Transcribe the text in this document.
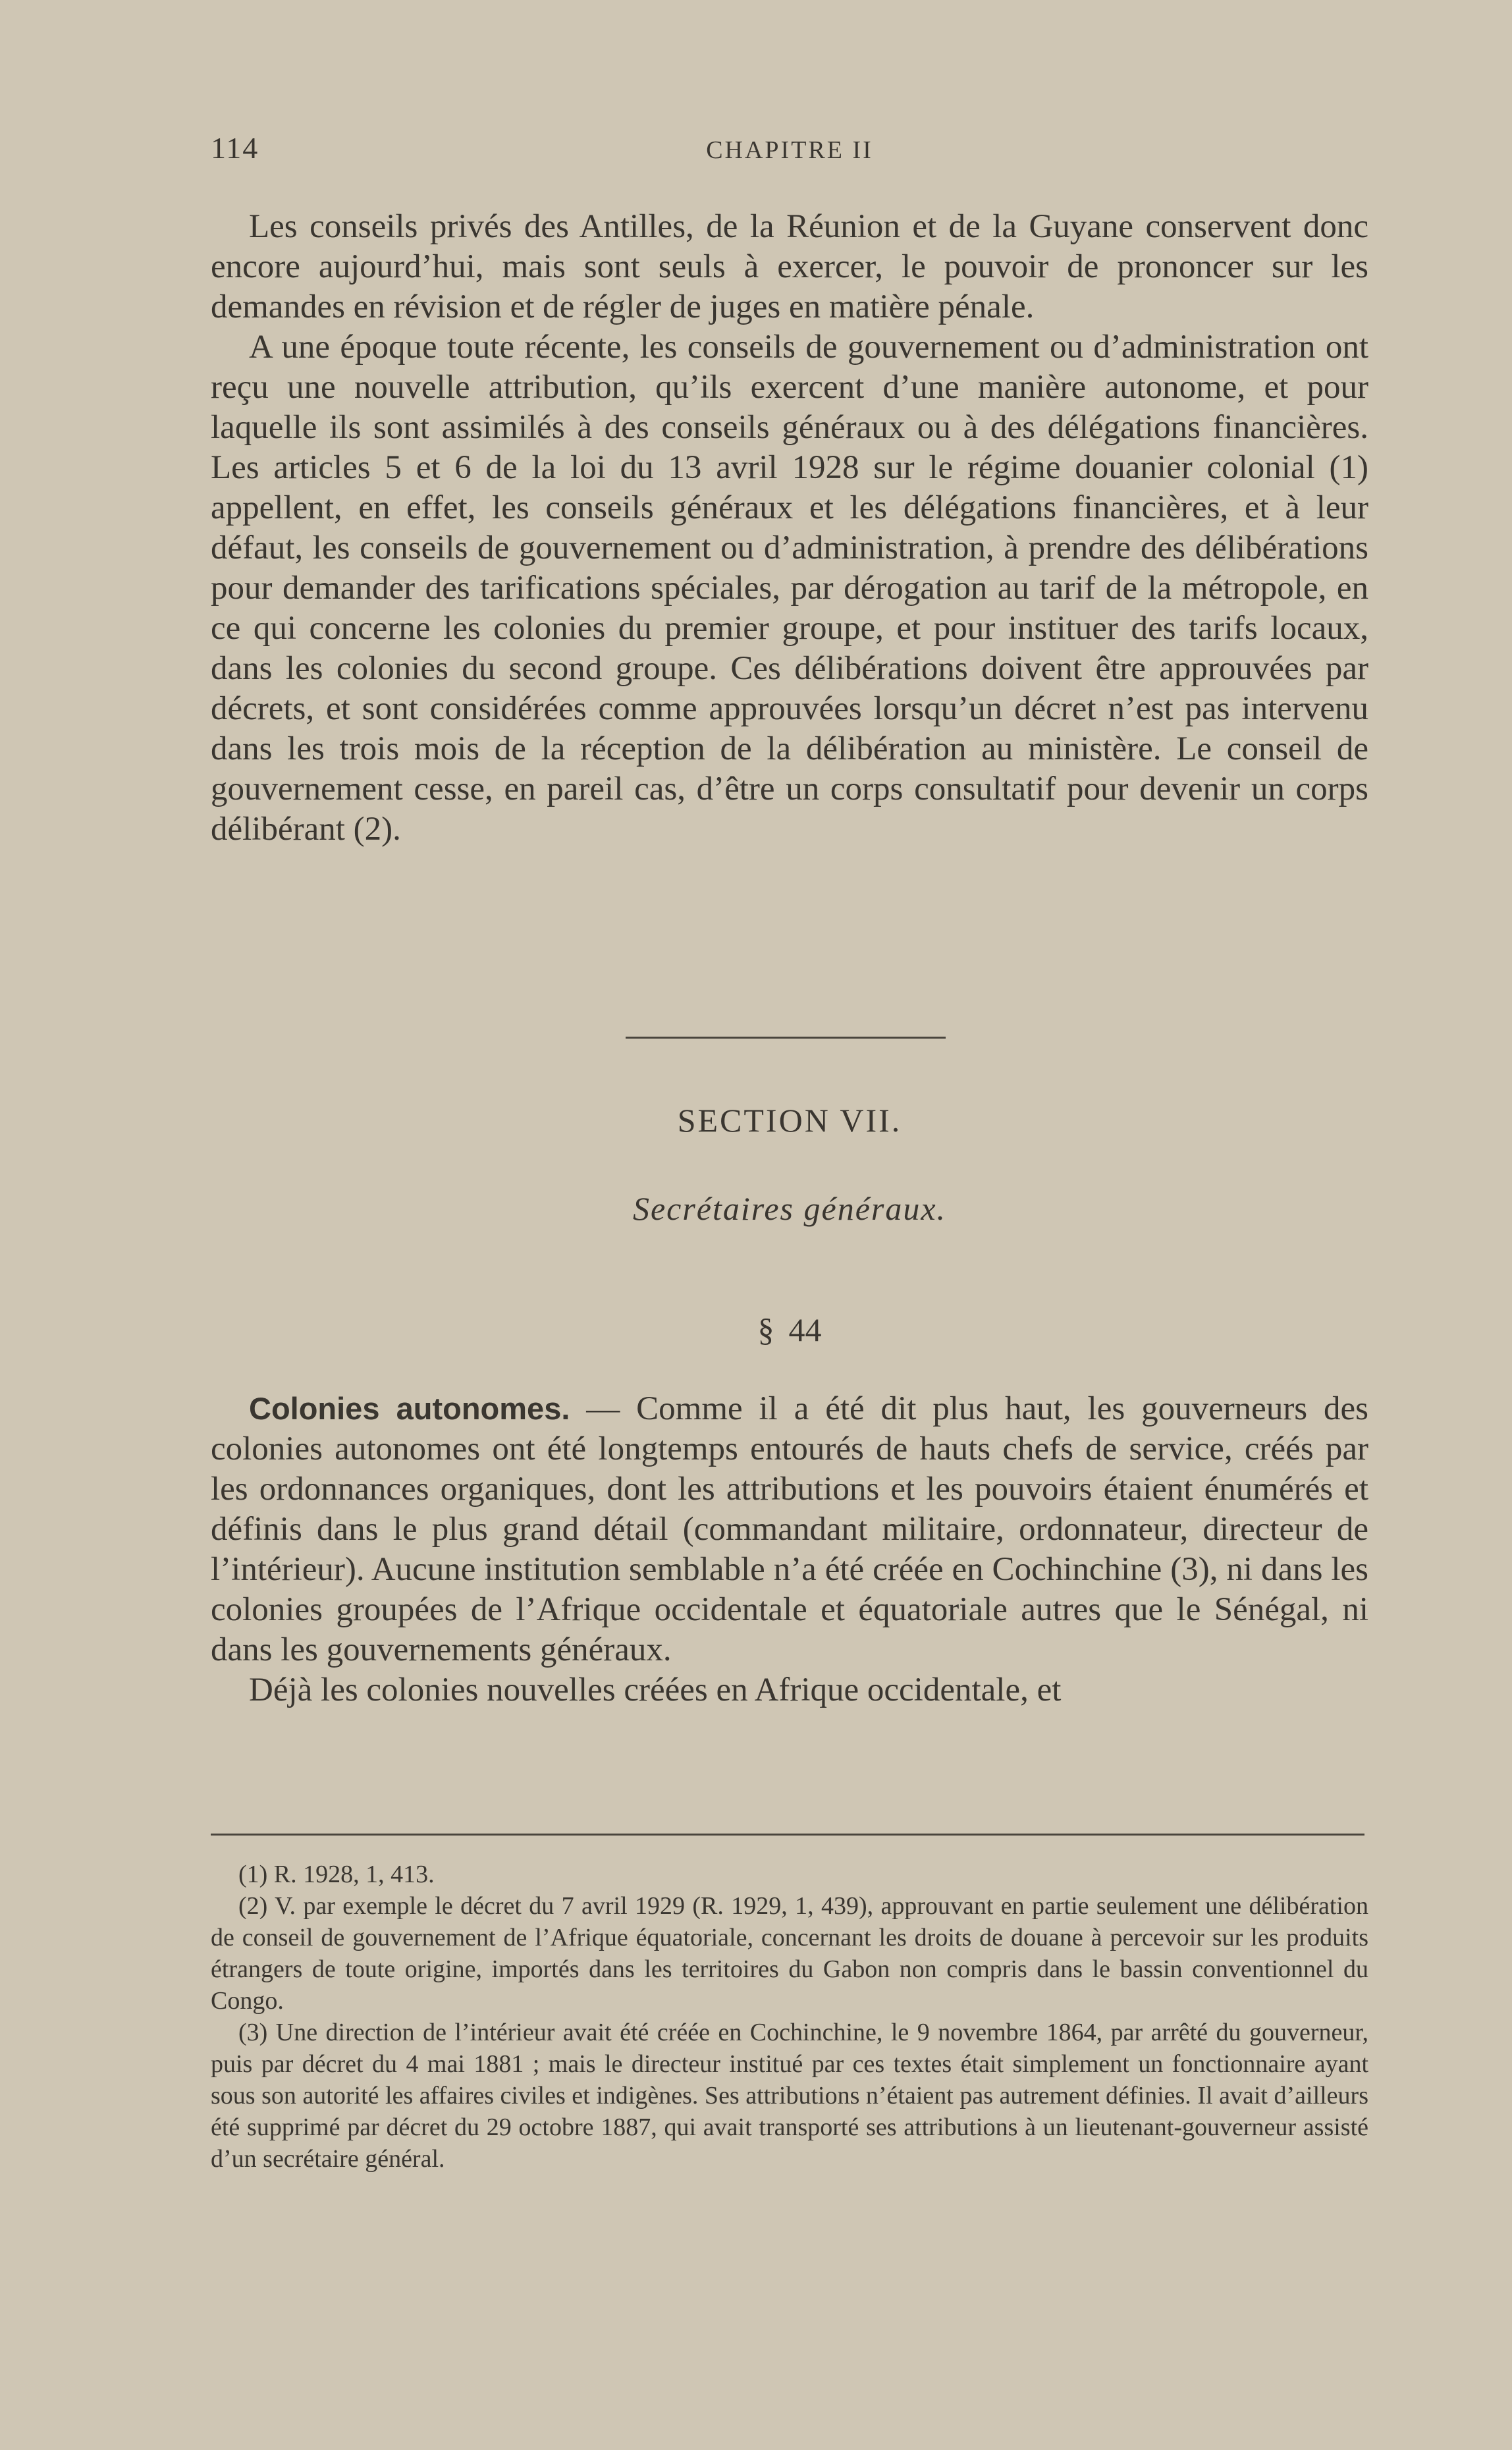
114	CHAPITRE II

Les conseils privés des Antilles, de la Réunion et de la Guyane conservent donc encore aujourd’hui, mais sont seuls à exercer, le pouvoir de prononcer sur les demandes en révision et de régler de juges en matière pénale.

A une époque toute récente, les conseils de gouvernement ou d’administration ont reçu une nouvelle attribution, qu’ils exercent d’une manière autonome, et pour laquelle ils sont assimilés à des conseils généraux ou à des délégations financières. Les articles 5 et 6 de la loi du 13 avril 1928 sur le régime douanier colonial (1) appellent, en effet, les conseils généraux et les délégations financières, et à leur défaut, les conseils de gouvernement ou d’administration, à prendre des délibérations pour demander des tarifications spéciales, par dérogation au tarif de la métropole, en ce qui concerne les colonies du premier groupe, et pour instituer des tarifs locaux, dans les colonies du second groupe. Ces délibérations doivent être approuvées par décrets, et sont considérées comme approuvées lorsqu’un décret n’est pas intervenu dans les trois mois de la réception de la délibération au ministère. Le conseil de gouvernement cesse, en pareil cas, d’être un corps consultatif pour devenir un corps délibérant (2).

SECTION VII.
Secrétaires généraux.
§ 44

Colonies autonomes. — Comme il a été dit plus haut, les gouverneurs des colonies autonomes ont été longtemps entourés de hauts chefs de service, créés par les ordonnances organiques, dont les attributions et les pouvoirs étaient énumérés et définis dans le plus grand détail (commandant militaire, ordonnateur, directeur de l’intérieur). Aucune institution semblable n’a été créée en Cochinchine (3), ni dans les colonies groupées de l’Afrique occidentale et équatoriale autres que le Sénégal, ni dans les gouvernements généraux.

Déjà les colonies nouvelles créées en Afrique occidentale, et

(1) R. 1928, 1, 413.

(2) V. par exemple le décret du 7 avril 1929 (R. 1929, 1, 439), approuvant en partie seulement une délibération de conseil de gouvernement de l’Afrique équatoriale, concernant les droits de douane à percevoir sur les produits étrangers de toute origine, importés dans les territoires du Gabon non compris dans le bassin conventionnel du Congo.

(3) Une direction de l’intérieur avait été créée en Cochinchine, le 9 novembre 1864, par arrêté du gouverneur, puis par décret du 4 mai 1881 ; mais le directeur institué par ces textes était simplement un fonctionnaire ayant sous son autorité les affaires civiles et indigènes. Ses attributions n’étaient pas autrement définies. Il avait d’ailleurs été supprimé par décret du 29 octobre 1887, qui avait transporté ses attributions à un lieutenant-gouverneur assisté d’un secrétaire général.
